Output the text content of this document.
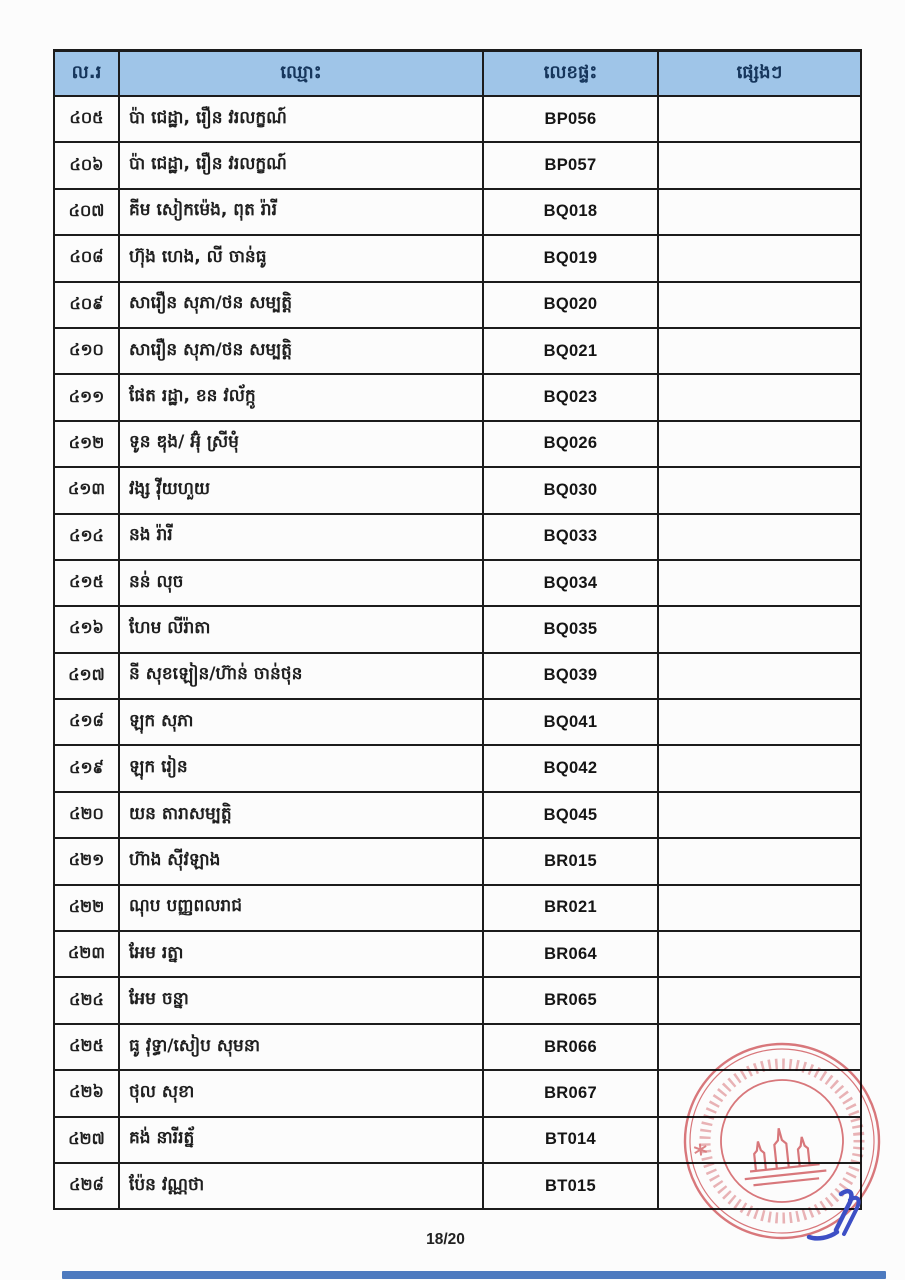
ល.រ	ឈ្មោះ	លេខផ្ទះ	ផ្សេងៗ
៤០៥	ប៉ា ជេដ្ឋា, រឿន វរលក្ខណ៍	BP056
៤០៦	ប៉ា ជេដ្ឋា, រឿន វរលក្ខណ៍	BP057
៤០៧	គីម សៀកម៉េង, ពុត រ៉ារី	BQ018
៤០៨	ហ៊ុង ហេង, លី ចាន់ធូ	BQ019
៤០៩	សារឿន សុភា/ថន សម្បត្តិ	BQ020
៤១០	សារឿន សុភា/ថន សម្បត្តិ	BQ021
៤១១	ផែត រដ្ឋា, ខន វល័ក្កូ	BQ023
៤១២	ទូន ឌុង/ អ៊ុំ ស្រីមុំ	BQ026
៤១៣	វង្ស វ៉ីយហួយ	BQ030
៤១៤	នង រ៉ារី	BQ033
៤១៥	នន់ លុច	BQ034
៤១៦	ហែម លីរ៉ាតា	BQ035
៤១៧	នី សុខឡៀន/ហ៊ាន់ ចាន់ថុន	BQ039
៤១៨	ឡុក សុភា	BQ041
៤១៩	ឡុក រៀន	BQ042
៤២០	យន តារាសម្បត្តិ	BQ045
៤២១	ហ៊ាង ស៊ីវឡាង	BR015
៤២២	ណុប បញ្ញពលរាជ	BR021
៤២៣	អែម រត្នា	BR064
៤២៤	អែម ចន្នា	BR065
៤២៥	ធូ វុទ្ធា/សៀប សុមនា	BR066
៤២៦	ថុល សុខា	BR067
៤២៧	គង់ នារីរត្ន័	BT014
៤២៨	ប៉ែន វណ្ណថា	BT015
18/20
